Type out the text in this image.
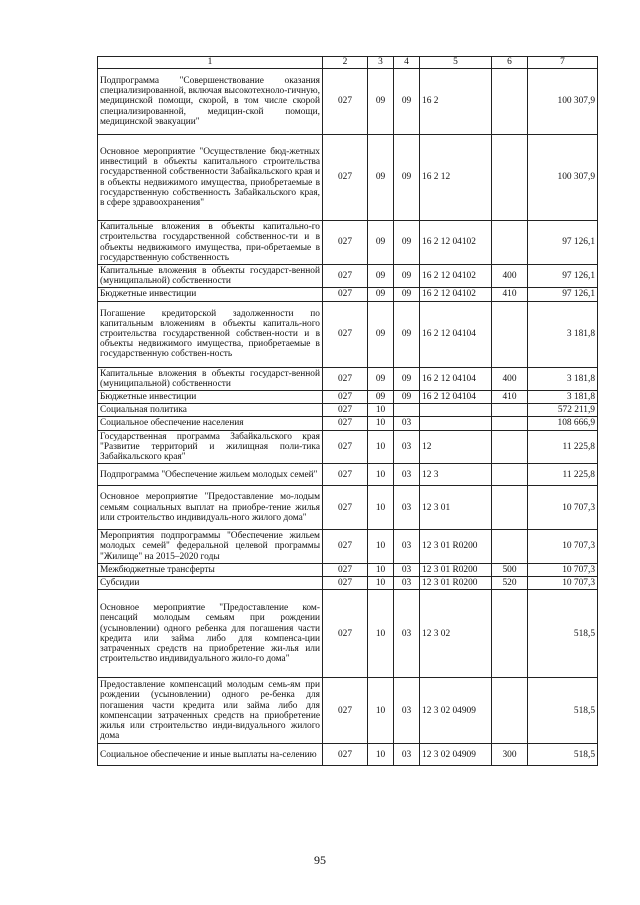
1	2	3	4	5	6	7
Подпрограмма "Совершенствование оказания специализированной, включая высокотехноло-гичную, медицинской помощи, скорой, в том числе скорой специализированной, медицин-ской помощи, медицинской эвакуации"	027	09	09	16 2		100 307,9
Основное мероприятие "Осуществление бюд-жетных инвестиций в объекты капитального строительства государственной собственности Забайкальского края и в объекты недвижимого имущества, приобретаемые в государственную собственность Забайкальского края, в сфере здравоохранения"	027	09	09	16 2 12		100 307,9
Капитальные вложения в объекты капитально-го строительства государственной собственнос-ти и в объекты недвижимого имущества, при-обретаемые в государственную собственность	027	09	09	16 2 12 04102		97 126,1
Капитальные вложения в объекты государст-венной (муниципальной) собственности	027	09	09	16 2 12 04102	400	97 126,1
Бюджетные инвестиции	027	09	09	16 2 12 04102	410	97 126,1
Погашение кредиторской задолженности по капитальным вложениям в объекты капиталь-ного строительства государственной собствен-ности и в объекты недвижимого имущества, приобретаемые в государственную собствен-ность	027	09	09	16 2 12 04104		3 181,8
Капитальные вложения в объекты государст-венной (муниципальной) собственности	027	09	09	16 2 12 04104	400	3 181,8
Бюджетные инвестиции	027	09	09	16 2 12 04104	410	3 181,8
Социальная политика	027	10				572 211,9
Социальное обеспечение населения	027	10	03			108 666,9
Государственная программа Забайкальского края "Развитие территорий и жилищная поли-тика Забайкальского края"	027	10	03	12		11 225,8
Подпрограмма "Обеспечение жильем молодых семей"	027	10	03	12 3		11 225,8
Основное мероприятие "Предоставление мо-лодым семьям социальных выплат на приобре-тение жилья или строительство индивидуаль-ного жилого дома"	027	10	03	12 3 01		10 707,3
Мероприятия подпрограммы "Обеспечение жильем молодых семей" федеральной целевой программы "Жилище" на 2015–2020 годы	027	10	03	12 3 01 R0200		10 707,3
Межбюджетные трансферты	027	10	03	12 3 01 R0200	500	10 707,3
Субсидии	027	10	03	12 3 01 R0200	520	10 707,3
Основное мероприятие "Предоставление ком-пенсаций молодым семьям при рождении (усыновлении) одного ребенка для погашения части кредита или займа либо для компенса-ции затраченных средств на приобретение жи-лья или строительство индивидуального жило-го дома"	027	10	03	12 3 02		518,5
Предоставление компенсаций молодым семь-ям при рождении (усыновлении) одного ре-бенка для погашения части кредита или займа либо для компенсации затраченных средств на приобретение жилья или строительство инди-видуального жилого дома	027	10	03	12 3 02 04909		518,5
Социальное обеспечение и иные выплаты на-селению	027	10	03	12 3 02 04909	300	518,5
95
